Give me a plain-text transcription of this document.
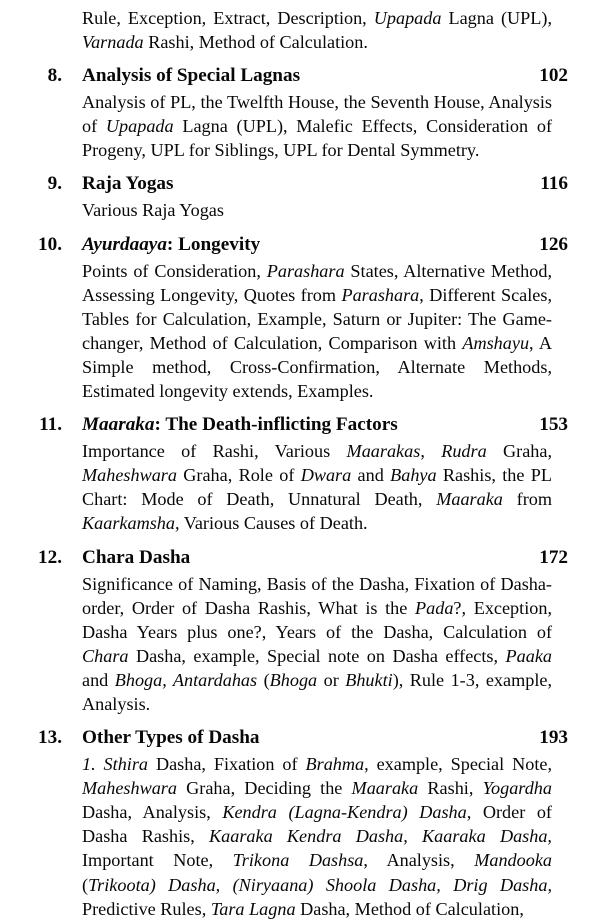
Rule, Exception, Extract, Description, Upapada Lagna (UPL), Varnada Rashi, Method of Calculation.

8.	Analysis of Special Lagnas	102

Analysis of PL, the Twelfth House, the Seventh House, Analysis of Upapada Lagna (UPL), Malefic Effects, Consideration of Progeny, UPL for Siblings, UPL for Dental Symmetry.

9.	Raja Yogas	116

Various Raja Yogas

10.	Ayurdaaya: Longevity	126

Points of Consideration, Parashara States, Alternative Method, Assessing Longevity, Quotes from Parashara, Different Scales, Tables for Calculation, Example, Saturn or Jupiter: The Game-changer, Method of Calculation, Comparison with Amshayu, A Simple method, Cross-Confirmation, Alternate Methods, Estimated longevity extends, Examples.

11.	Maaraka: The Death-inflicting Factors	153

Importance of Rashi, Various Maarakas, Rudra Graha, Maheshwara Graha, Role of Dwara and Bahya Rashis, the PL Chart: Mode of Death, Unnatural Death, Maaraka from Kaarkamsha, Various Causes of Death.

12.	Chara Dasha	172

Significance of Naming, Basis of the Dasha, Fixation of Dasha-order, Order of Dasha Rashis, What is the Pada?, Exception, Dasha Years plus one?, Years of the Dasha, Calculation of Chara Dasha, example, Special note on Dasha effects, Paaka and Bhoga, Antardahas (Bhoga or Bhukti), Rule 1-3, example, Analysis.

13.	Other Types of Dasha	193

1. Sthira Dasha, Fixation of Brahma, example, Special Note, Maheshwara Graha, Deciding the Maaraka Rashi, Yogardha Dasha, Analysis, Kendra (Lagna-Kendra) Dasha, Order of Dasha Rashis, Kaaraka Kendra Dasha, Kaaraka Dasha, Important Note, Trikona Dashsa, Analysis, Mandooka (Trikoota) Dasha, (Niryaana) Shoola Dasha, Drig Dasha, Predictive Rules, Tara Lagna Dasha, Method of Calculation,
